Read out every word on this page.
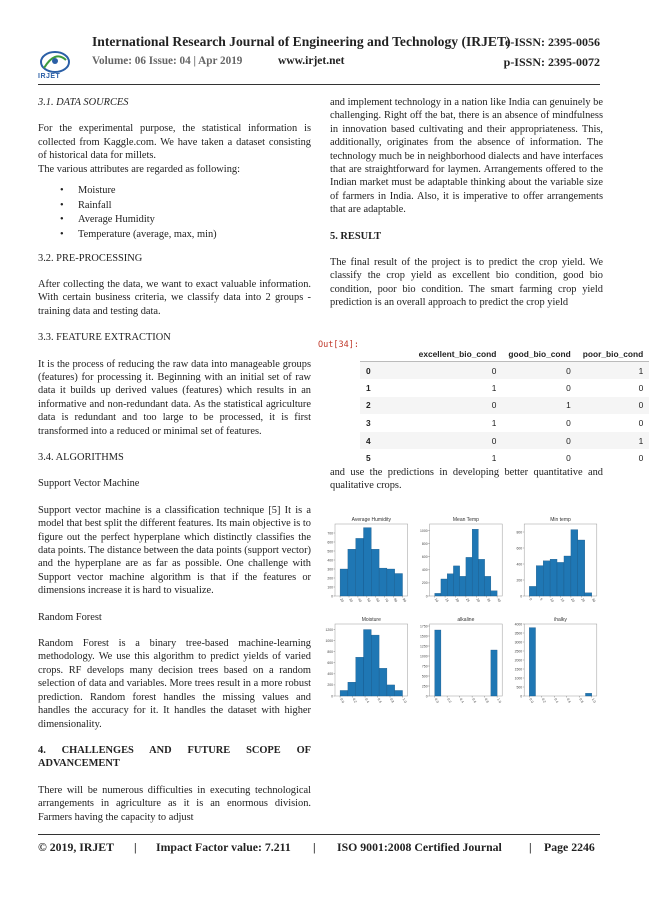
IRJET
International Research Journal of Engineering and Technology (IRJET)
e-ISSN: 2395-0056
Volume: 06 Issue: 04 | Apr 2019	www.irjet.net	p-ISSN: 2395-0072
3.1. DATA SOURCES

For the experimental purpose, the statistical information is collected from Kaggle.com. We have taken a dataset consisting of historical data for millets.

The various attributes are regarded as following:

• Moisture
• Rainfall
• Average Humidity
• Temperature (average, max, min)
3.2. PRE-PROCESSING

After collecting the data, we want to exact valuable information. With certain business criteria, we classify data into 2 groups - training data and testing data.

3.3. FEATURE EXTRACTION

It is the process of reducing the raw data into manageable groups (features) for processing it. Beginning with an initial set of raw data it builds up derived values (features) which results in an informative and non-redundant data. As the statistical agriculture data is redundant and too large to be processed, it is first transformed into a reduced or minimal set of features.

3.4. ALGORITHMS
Support Vector Machine

Support vector machine is a classification technique [5] It is a model that best split the different features. Its main objective is to figure out the perfect hyperplane which distinctly classifies the data points. The distance between the data points (support vector) and the hyperplane are as far as possible. One challenge with Support vector machine algorithm is that if the features or dimensions increase it is hard to visualize.

Random Forest

Random Forest is a binary tree-based machine-learning methodology. We use this algorithm to predict yields of varied crops. RF develops many decision trees based on a random selection of data and variables. More trees result in a more robust prediction. Random forest handles the missing values and handles the accuracy for it. It handles the dataset with higher dimensionality.

4. CHALLENGES AND FUTURE SCOPE OF ADVANCEMENT

There will be numerous difficulties in executing technological arrangements in agriculture as it is an enormous division. Farmers having the capacity to adjust

and implement technology in a nation like India can genuinely be challenging. Right off the bat, there is an absence of mindfulness in innovation based cultivating and their appropriateness. This, additionally, originates from the absence of information. The technology much be in neighborhood dialects and have interfaces that are straightforward for laymen. Arrangements offered to the Indian market must be adaptable thinking about the variable size of farmers in India. Also, it is imperative to offer arrangements that are adaptable.

5. RESULT

The final result of the project is to predict the crop yield. We classify the crop yield as excellent bio condition, good bio condition, poor bio condition. The smart farming crop yield prediction is an overall approach to predict the crop yield

Out[34]:
	excellent_bio_cond	good_bio_cond	poor_bio_cond
0	0	0	1
1	1	0	0
2	0	1	0
3	1	0	0
4	0	0	1
5	1	0	0

and use the predictions in developing better quantitative and qualitative crops.

Average Humidity
0
100
200
300
400
500
600
700
20 30 40 50 60 70 80 90
Mean Temp
0
200
400
600
800
1000
10 15 20 25 30 35 40
Min temp
0
200
400
600
800
0 5 10 15 20 25 30
Moisture
0
200
400
600
800
1000
1200
0.0 0.2 0.4 0.6 0.8 1.0
alkaline
0
250
500
750
1000
1250
1500
1750
0.0 0.2 0.4 0.6 0.8 1.0
ihalky
0
500
1000
1500
2000
2500
3000
3500
4000
0.0 0.2 0.4 0.6 0.8 1.0
© 2019, IRJET | Impact Factor value: 7.211 | ISO 9001:2008 Certified Journal | Page 2246
